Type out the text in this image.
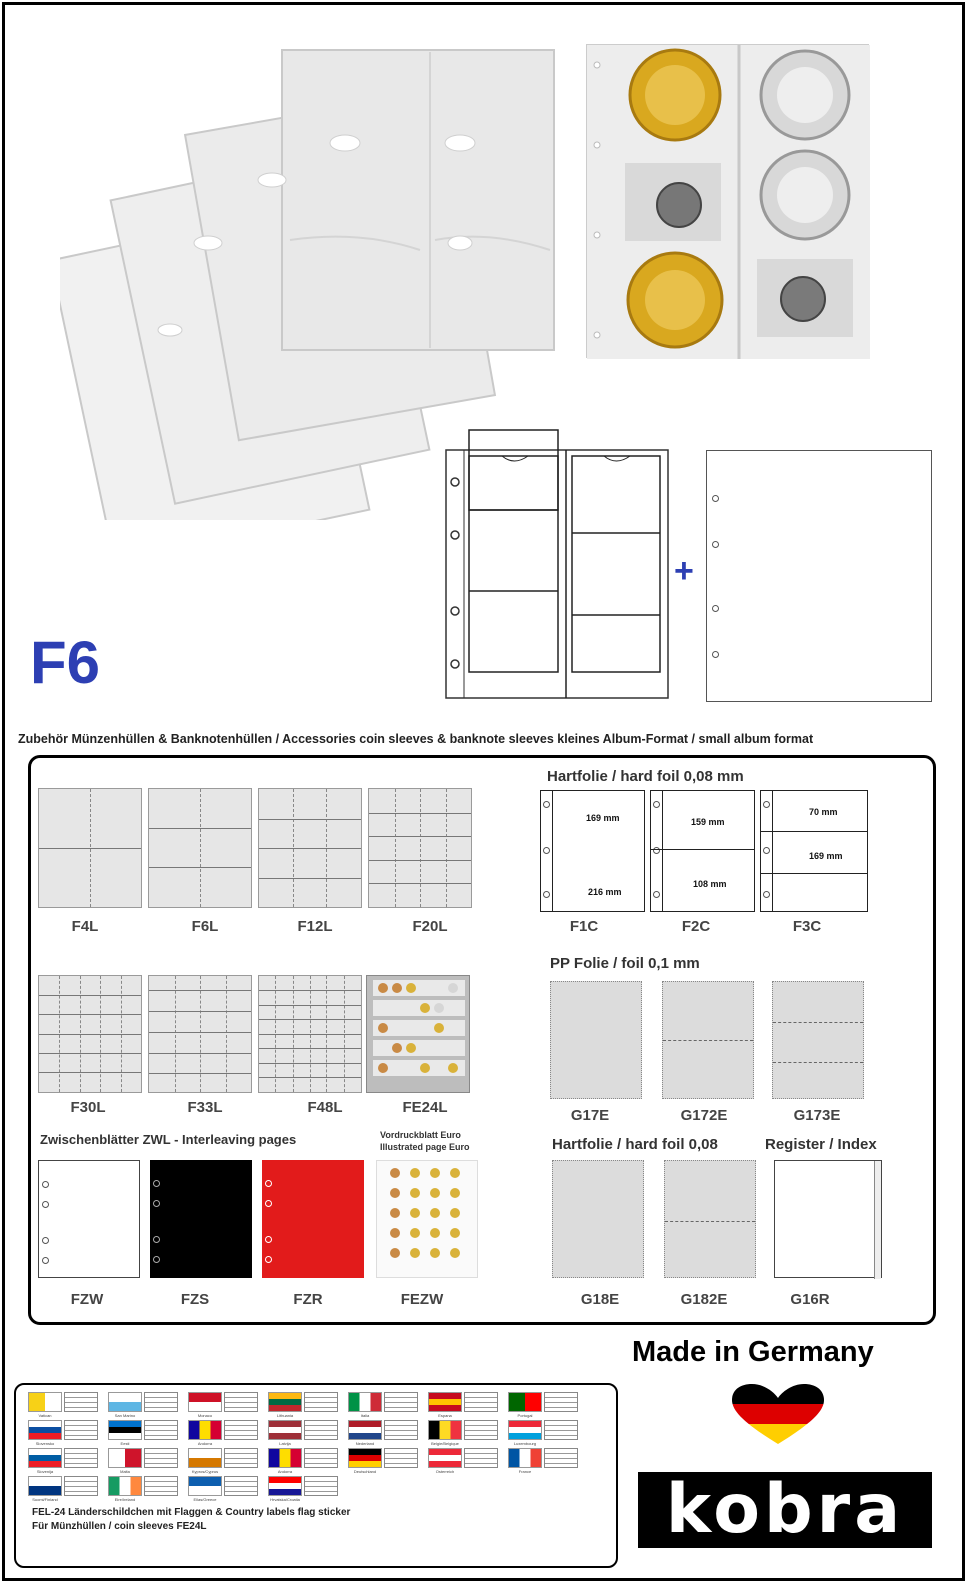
+
F6
Zubehör Münzenhüllen & Banknotenhüllen / Accessories coin sleeves & banknote sleeves kleines Album-Format / small album format
F4L	F6L	F12L	F20L
F30L	F33L	F48L	FE24L
Zwischenblätter ZWL - Interleaving pages	Vordruckblatt Euro
Illustrated page Euro
FZW	FZS	FZR	FEZW
Hartfolie / hard foil 0,08 mm
169 mm
216 mm
159 mm
108 mm
70 mm
169 mm
F1C	F2C	F3C
PP Folie / foil 0,1 mm
G17E	G172E	G173E
Hartfolie / hard foil 0,08	Register / Index
G18E	G182E	G16R
Vatican	San Marino	Monaco	Lithuania	Italia	Espana	Portugal
Slovensko	Eesti	Andorra	Latvija	Nederland	Belgie/Belgique	Luxembourg
Slovenija	Malta	Kypros/Cyprus	Andorra	Deutschland	Osterreich	France
Suomi/Finland	Eire/Ireland	Ellas/Greece	Hrvatska/Croatia
FEL-24 Länderschildchen mit Flaggen & Country labels flag sticker
Für Münzhüllen / coin sleeves FE24L
Made in Germany
kobra
